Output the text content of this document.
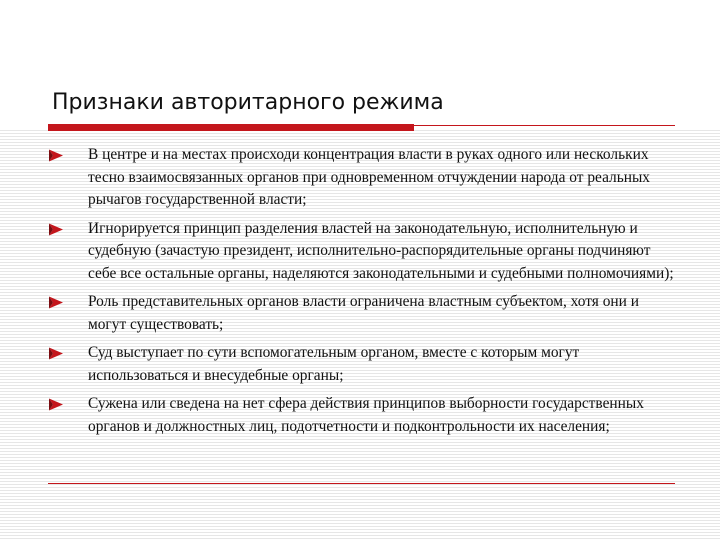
Признаки авторитарного режима
В центре и на местах происходи концентрация власти в руках одного или нескольких тесно взаимосвязанных органов при одновременном отчуждении народа от реальных рычагов государственной власти;
Игнорируется принцип разделения властей на законодательную, исполнительную и судебную (зачастую президент, исполнительно-распорядительные органы подчиняют себе все остальные органы, наделяются законодательными и судебными полномочиями);
Роль представительных органов власти ограничена властным субъектом, хотя они и могут существовать;
Суд выступает по сути вспомогательным органом, вместе с которым могут использоваться и внесудебные органы;
Сужена или сведена на нет сфера действия принципов выборности государственных органов и должностных лиц, подотчетности и подконтрольности их населения;
